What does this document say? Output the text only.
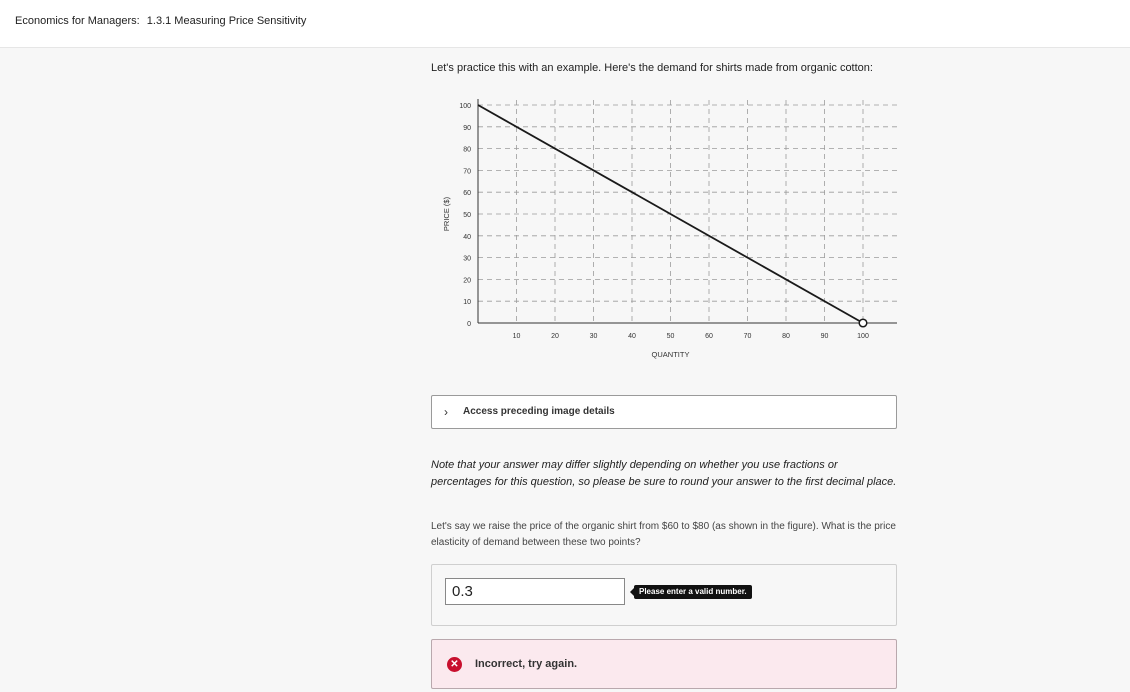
Economics for Managers: 1.3.1 Measuring Price Sensitivity
Let's practice this with an example. Here's the demand for shirts made from organic cotton:
0
10
20
30
40
50
60
70
80
90
100
10	20	30	40	50	60	70	80	90	100
QUANTITY
PRICE ($)
› Access preceding image details
Note that your answer may differ slightly depending on whether you use fractions or percentages for this question, so please be sure to round your answer to the first decimal place.
Let's say we raise the price of the organic shirt from $60 to $80 (as shown in the figure). What is the price elasticity of demand between these two points?
0.3
Please enter a valid number.
✕	Incorrect, try again.
